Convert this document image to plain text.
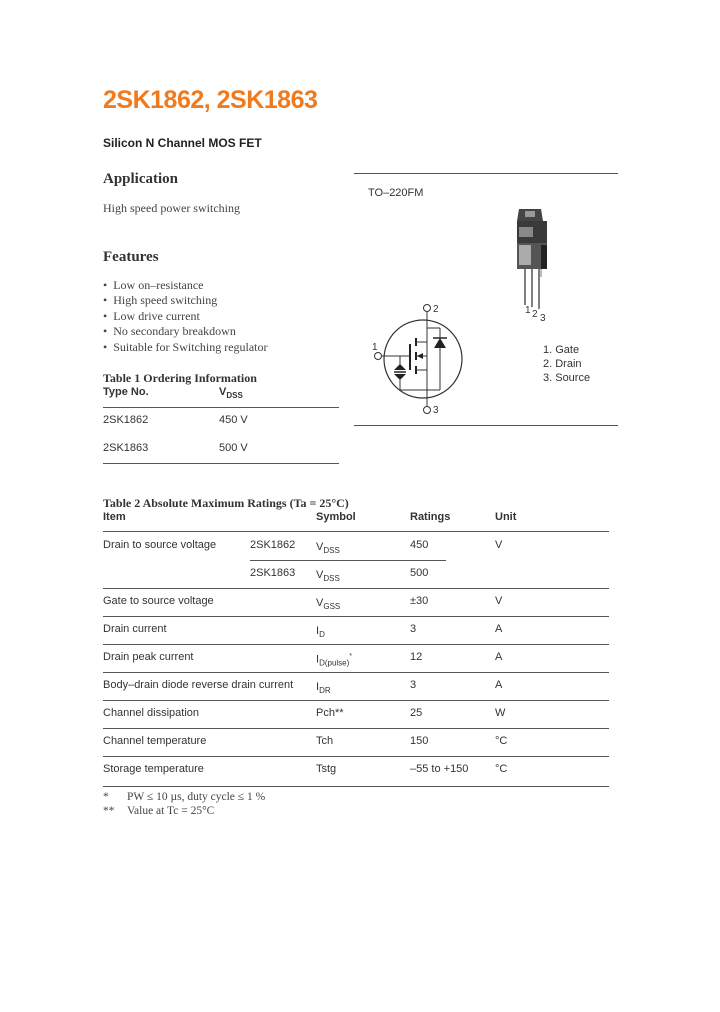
2SK1862, 2SK1863
Silicon N Channel MOS FET
Application
High speed power switching
Features
• Low on–resistance
• High speed switching
• Low drive current
• No secondary breakdown
• Suitable for Switching regulator
Table 1 Ordering Information
Type No.	$V_{DSS}$
2SK1862	450 V
2SK1863	500 V
TO–220FM
1 2 3
2
1
3
1. Gate
2. Drain
3. Source
Table 2 Absolute Maximum Ratings (Ta = 25°C)
Item	Symbol	Ratings	Unit
Drain to source voltage	2SK1862 $V_{DSS}$	450	V
2SK1863 $V_{DSS}$	500
Gate to source voltage	$V_{GSS}$	±30	V
Drain current	$I_D$	3	A
Drain peak current	$I_{D(pulse)}^*$	12	A
Body–drain diode reverse drain current $I_{DR}$	3	A
Channel dissipation	Pch**	25	W
Channel temperature	Tch	150	°C
Storage temperature	Tstg	–55 to +150 °C
* PW ≤ 10 µs, duty cycle ≤ 1 %
** Value at Tc = 25°C
